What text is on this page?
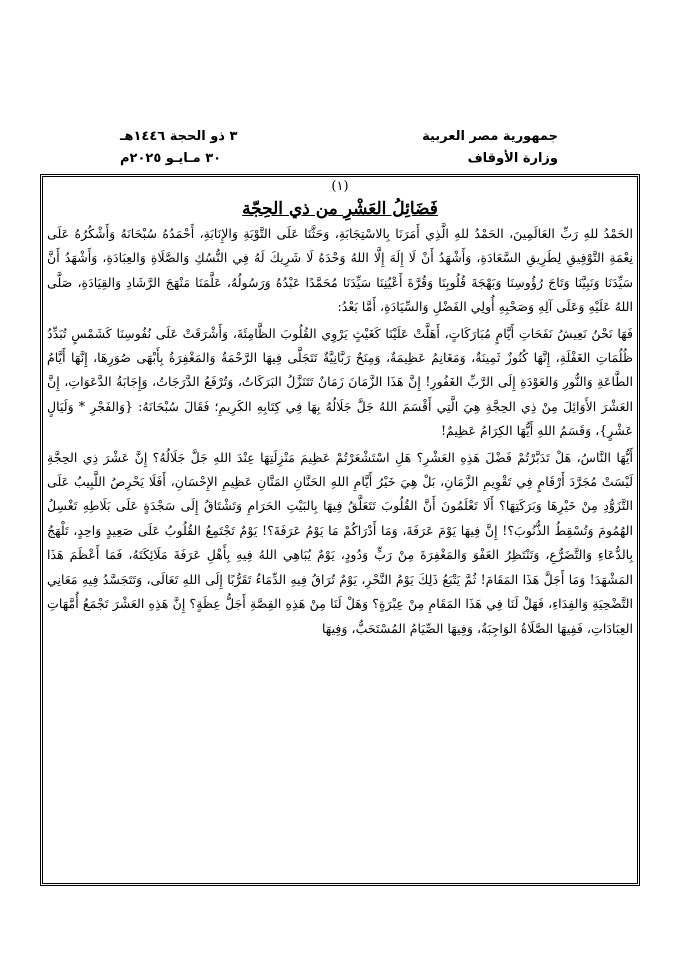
جمهورية مصر العربية
٣ ذو الحجة ١٤٤٦هـ
وزارة الأوقاف
٣٠ مـايـو ٢٠٢٥م
(١)
فَضَائِلُ العَشْرِ من ذي الحِجّة

الحَمْدُ للهِ رَبِّ العَالَمِينَ، الحَمْدُ للهِ الَّذِي أَمَرَنَا بِالاسْتِجَابَةِ، وَحَثَّنَا عَلَى التَّوْبَةِ وَالإِنَابَةِ، أَحْمَدُهُ سُبْحَانَهُ وَأَشْكُرُهُ عَلَى نِعْمَةِ التَّوْفِيقِ لِطَرِيقِ السَّعَادَةِ، وَأَشْهَدُ أَنْ لَا إِلَهَ إِلَّا اللهُ وَحْدَهُ لَا شَرِيكَ لَهُ فِي النُّسُكِ وَالصَّلَاةِ وَالعِبَادَةِ، وَأَشْهَدُ أَنَّ سَيِّدَنَا وَنَبِيَّنَا وَتَاجَ رُؤُوسِنَا وَبَهْجَةَ قُلُوبِنَا وَقُرَّةَ أَعْيُنِنَا سَيِّدَنَا مُحَمَّدًا عَبْدُهُ وَرَسُولُهُ، عَلَّمَنَا مَنْهَجَ الرَّشَادِ وَالقِيَادَةِ، صَلَّى اللهُ عَلَيْهِ وَعَلَى آلِهِ وَصَحْبِهِ أُولِي الفَضْلِ وَالسِّيَادَةِ، أَمَّا بَعْدُ:

فَهَا نَحْنُ نَعِيشُ نَفَحَاتِ أَيَّامٍ مُبَارَكَاتٍ، أَهَلَّتْ عَلَيْنَا كَغَيْثٍ يَرْوِي القُلُوبَ الظَّامِئَةَ، وَأَشْرَقَتْ عَلَى نُفُوسِنَا كَشَمْسٍ تُبَدِّدُ ظُلُمَاتِ الغَفْلَةِ، إِنَّهَا كُنُوزٌ ثَمِينَةٌ، وَمَغَانِمُ عَظِيمَةٌ، وَمِنَحٌ رَبَّانِيَّةٌ تَتَجَلَّى فِيهَا الرَّحْمَةُ وَالمَغْفِرَةُ بِأَبْهَى صُوَرِهَا، إِنَّهَا أَيَّامُ الطَّاعَةِ وَالنُّورِ وَالعَوْدَةِ إِلَى الرَّبِّ الغَفُورِ! إِنَّ هَذَا الزَّمَانَ زَمَانٌ تَتَنَزَّلُ البَرَكَاتُ، وَتُرْفَعُ الدَّرَجَاتُ، وَإِجَابَةُ الدَّعَوَاتِ، إِنَّ العَشْرَ الأَوَائِلَ مِنْ ذِي الحِجَّةِ هِيَ الَّتِي أَقْسَمَ اللهُ جَلَّ جَلَالُهُ بِهَا فِي كِتَابِهِ الكَرِيمِ؛ فَقَالَ سُبْحَانَهُ: {وَالفَجْرِ * وَلَيَالٍ عَشْرٍ}، وَقَسَمُ اللهِ أَيُّهَا الكِرَامُ عَظِيمٌ!

أَيُّهَا النَّاسُ، هَلْ تَدَبَّرْتُمْ فَضْلَ هَذِهِ العَشْرِ؟ هَلِ اسْتَشْعَرْتُمْ عَظِيمَ مَنْزِلَتِهَا عِنْدَ اللهِ جَلَّ جَلَالُهُ؟ إِنَّ عَشْرَ ذِي الحِجَّةِ لَيْسَتْ مُجَرَّدَ أَرْقَامٍ فِي تَقْوِيمِ الزَّمَانِ، بَلْ هِيَ خَيْرُ أَيَّامِ اللهِ الحَنَّانِ المَنَّانِ عَظِيمِ الإِحْسَانِ، أَفَلَا يَحْرِصُ اللَّبِيبُ عَلَى التَّزَوُّدِ مِنْ خَيْرِهَا وَبَرَكَتِهَا؟ أَلَا تَعْلَمُونَ أَنَّ القُلُوبَ تَتَعَلَّقُ فِيهَا بِالبَيْتِ الحَرَامِ وَتَشْتَاقُ إِلَى سَجْدَةٍ عَلَى بَلَاطِهِ تَغْسِلُ الهُمُومَ وَتُسْقِطُ الذُّنُوبَ؟! إِنَّ فِيهَا يَوْمَ عَرَفَةَ، وَمَا أَدْرَاكُمْ مَا يَوْمُ عَرَفَةَ؟! يَوْمٌ تَجْتَمِعُ القُلُوبُ عَلَى صَعِيدٍ وَاحِدٍ، تَلْهَجُ بِالدُّعَاءِ وَالتَّضَرُّعِ، وَتَنْتَظِرُ العَفْوَ وَالمَغْفِرَةَ مِنْ رَبٍّ وَدُودٍ، يَوْمٌ يُبَاهِي اللهُ فِيهِ بِأَهْلِ عَرَفَةَ مَلَائِكَتَهُ، فَمَا أَعْظَمَ هَذَا المَشْهَدَ! وَمَا أَجَلَّ هَذَا المَقَامَ! ثُمَّ يَتْبَعُ ذَلِكَ يَوْمُ النَّحْرِ، يَوْمٌ تُرَاقُ فِيهِ الدِّمَاءُ تَقَرُّبًا إِلَى اللهِ تَعَالَى، وَتَتَجَسَّدُ فِيهِ مَعَانِي التَّضْحِيَةِ وَالفِدَاءِ، فَهَلْ لَنَا فِي هَذَا المَقَامِ مِنْ عِبْرَةٍ؟ وَهَلْ لَنَا مِنْ هَذِهِ القِصَّةِ أَجَلُّ عِظَةٍ؟ إِنَّ هَذِهِ العَشْرَ تَجْمَعُ أُمَّهَاتِ العِبَادَاتِ، فَفِيهَا الصَّلَاةُ الوَاجِبَةُ، وَفِيهَا الصِّيَامُ المُسْتَحَبُّ، وَفِيهَا
